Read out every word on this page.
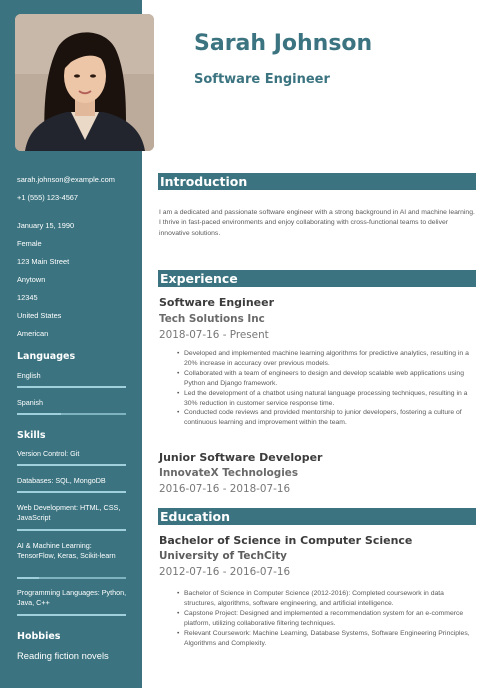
sarah.johnson@example.com
+1 (555) 123-4567
January 15, 1990
Female
123 Main Street
Anytown
12345
United States
American
Languages
English
Spanish
Skills
Version Control: Git
Databases: SQL, MongoDB
Web Development: HTML, CSS, JavaScript
AI & Machine Learning: TensorFlow, Keras, Scikit-learn
Programming Languages: Python, Java, C++
Hobbies
Reading fiction novels
Sarah Johnson
Software Engineer
Introduction
I am a dedicated and passionate software engineer with a strong background in AI and machine learning. I thrive in fast-paced environments and enjoy collaborating with cross-functional teams to deliver innovative solutions.
Experience
Software Engineer
Tech Solutions Inc
2018-07-16 - Present
• Developed and implemented machine learning algorithms for predictive analytics, resulting in a 20% increase in accuracy over previous models.
• Collaborated with a team of engineers to design and develop scalable web applications using Python and Django framework.
• Led the development of a chatbot using natural language processing techniques, resulting in a 30% reduction in customer service response time.
• Conducted code reviews and provided mentorship to junior developers, fostering a culture of continuous learning and improvement within the team.
Junior Software Developer
InnovateX Technologies
2016-07-16 - 2018-07-16
Education
Bachelor of Science in Computer Science
University of TechCity
2012-07-16 - 2016-07-16
• Bachelor of Science in Computer Science (2012-2016): Completed coursework in data structures, algorithms, software engineering, and artificial intelligence.
• Capstone Project: Designed and implemented a recommendation system for an e-commerce platform, utilizing collaborative filtering techniques.
• Relevant Coursework: Machine Learning, Database Systems, Software Engineering Principles, Algorithms and Complexity.
